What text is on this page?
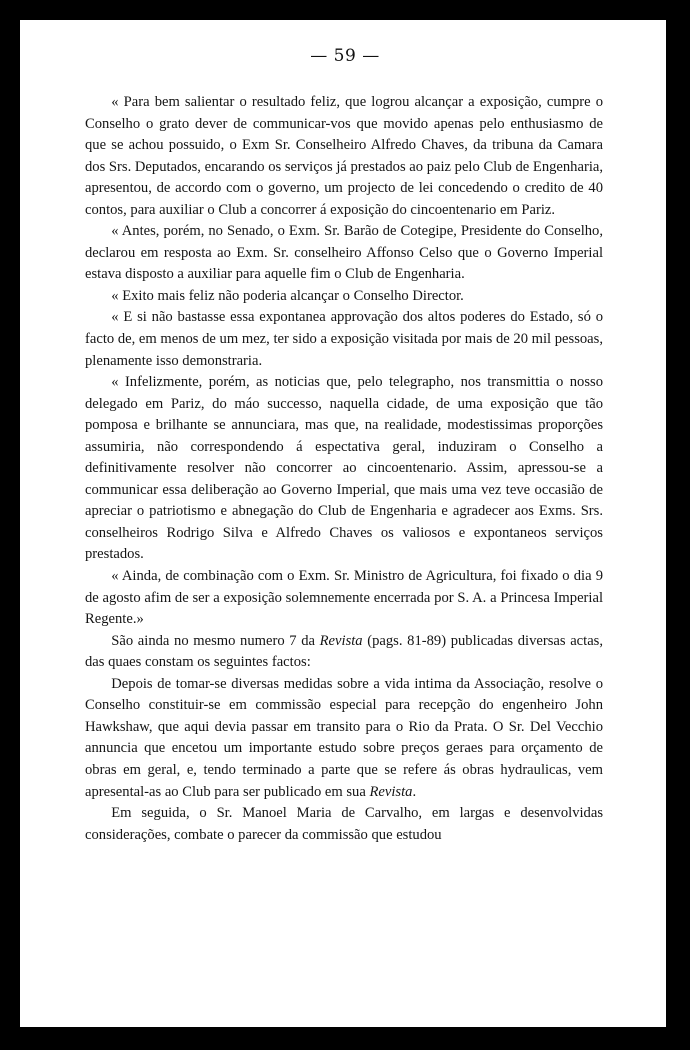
— 59 —

« Para bem salientar o resultado feliz, que logrou alcançar a exposição, cumpre o Conselho o grato dever de communicar-vos que movido apenas pelo enthusiasmo de que se achou possuido, o Exm Sr. Conselheiro Alfredo Chaves, da tribuna da Camara dos Srs. Deputados, encarando os serviços já prestados ao paiz pelo Club de Engenharia, apresentou, de accordo com o governo, um projecto de lei concedendo o credito de 40 contos, para auxiliar o Club a concorrer á exposição do cincoentenario em Pariz.

« Antes, porém, no Senado, o Exm. Sr. Barão de Cotegipe, Presidente do Conselho, declarou em resposta ao Exm. Sr. conselheiro Affonso Celso que o Governo Imperial estava disposto a auxiliar para aquelle fim o Club de Engenharia.

« Exito mais feliz não poderia alcançar o Conselho Director.

« E si não bastasse essa expontanea approvação dos altos poderes do Estado, só o facto de, em menos de um mez, ter sido a exposição visitada por mais de 20 mil pessoas, plenamente isso demonstraria.

« Infelizmente, porém, as noticias que, pelo telegrapho, nos transmittia o nosso delegado em Pariz, do máo successo, naquella cidade, de uma exposição que tão pomposa e brilhante se annunciara, mas que, na realidade, modestissimas proporções assumiria, não correspondendo á espectativa geral, induziram o Conselho a definitivamente resolver não concorrer ao cincoentenario. Assim, apressou-se a communicar essa deliberação ao Governo Imperial, que mais uma vez teve occasião de apreciar o patriotismo e abnegação do Club de Engenharia e agradecer aos Exms. Srs. conselheiros Rodrigo Silva e Alfredo Chaves os valiosos e expontaneos serviços prestados.

« Ainda, de combinação com o Exm. Sr. Ministro de Agricultura, foi fixado o dia 9 de agosto afim de ser a exposição solemnemente encerrada por S. A. a Princesa Imperial Regente.»

São ainda no mesmo numero 7 da Revista (pags. 81-89) publicadas diversas actas, das quaes constam os seguintes factos:

Depois de tomar-se diversas medidas sobre a vida intima da Associação, resolve o Conselho constituir-se em commissão especial para recepção do engenheiro John Hawkshaw, que aqui devia passar em transito para o Rio da Prata. O Sr. Del Vecchio annuncia que encetou um importante estudo sobre preços geraes para orçamento de obras em geral, e, tendo terminado a parte que se refere ás obras hydraulicas, vem apresental-as ao Club para ser publicado em sua Revista.

Em seguida, o Sr. Manoel Maria de Carvalho, em largas e desenvolvidas considerações, combate o parecer da commissão que estudou
